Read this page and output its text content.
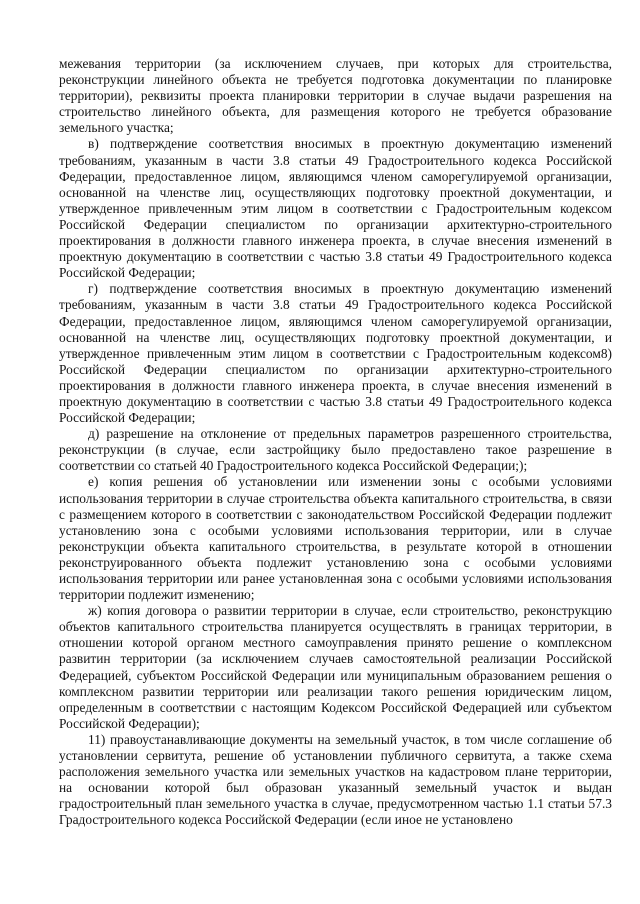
межевания территории (за исключением случаев, при которых для строительства, реконструкции линейного объекта не требуется подготовка документации по планировке территории), реквизиты проекта планировки территории в случае выдачи разрешения на строительство линейного объекта, для размещения которого не требуется образование земельного участка;

в) подтверждение соответствия вносимых в проектную документацию изменений требованиям, указанным в части 3.8 статьи 49 Градостроительного кодекса Российской Федерации, предоставленное лицом, являющимся членом саморегулируемой организации, основанной на членстве лиц, осуществляющих подготовку проектной документации, и утвержденное привлеченным этим лицом в соответствии с Градостроительным кодексом Российской Федерации специалистом по организации архитектурно-строительного проектирования в должности главного инженера проекта, в случае внесения изменений в проектную документацию в соответствии с частью 3.8 статьи 49 Градостроительного кодекса Российской Федерации;

г) подтверждение соответствия вносимых в проектную документацию изменений требованиям, указанным в части 3.8 статьи 49 Градостроительного кодекса Российской Федерации, предоставленное лицом, являющимся членом саморегулируемой организации, основанной на членстве лиц, осуществляющих подготовку проектной документации, и утвержденное привлеченным этим лицом в соответствии с Градостроительным кодексом8) Российской Федерации специалистом по организации архитектурно-строительного проектирования в должности главного инженера проекта, в случае внесения изменений в проектную документацию в соответствии с частью 3.8 статьи 49 Градостроительного кодекса Российской Федерации;

д) разрешение на отклонение от предельных параметров разрешенного строительства, реконструкции (в случае, если застройщику было предоставлено такое разрешение в соответствии со статьей 40 Градостроительного кодекса Российской Федерации;);

е) копия решения об установлении или изменении зоны с особыми условиями использования территории в случае строительства объекта капитального строительства, в связи с размещением которого в соответствии с законодательством Российской Федерации подлежит установлению зона с особыми условиями использования территории, или в случае реконструкции объекта капитального строительства, в результате которой в отношении реконструированного объекта подлежит установлению зона с особыми условиями использования территории или ранее установленная зона с особыми условиями использования территории подлежит изменению;

ж) копия договора о развитии территории в случае, если строительство, реконструкцию объектов капитального строительства планируется осуществлять в границах территории, в отношении которой органом местного самоуправления принято решение о комплексном развитин территории (за исключением случаев самостоятельной реализации Российской Федерацией, субъектом Российской Федерации или муниципальным образованием решения о комплексном развитии территории или реализации такого решения юридическим лицом, определенным в соответствии с настоящим Кодексом Российской Федерацией или субъектом Российской Федерации);

11) правоустанавливающие документы на земельный участок, в том числе соглашение об установлении сервитута, решение об установлении публичного сервитута, а также схема расположения земельного участка или земельных участков на кадастровом плане территории, на основании которой был образован указанный земельный участок и выдан градостроительный план земельного участка в случае, предусмотренном частью 1.1 статьи 57.3 Градостроительного кодекса Российской Федерации (если иное не установлено
